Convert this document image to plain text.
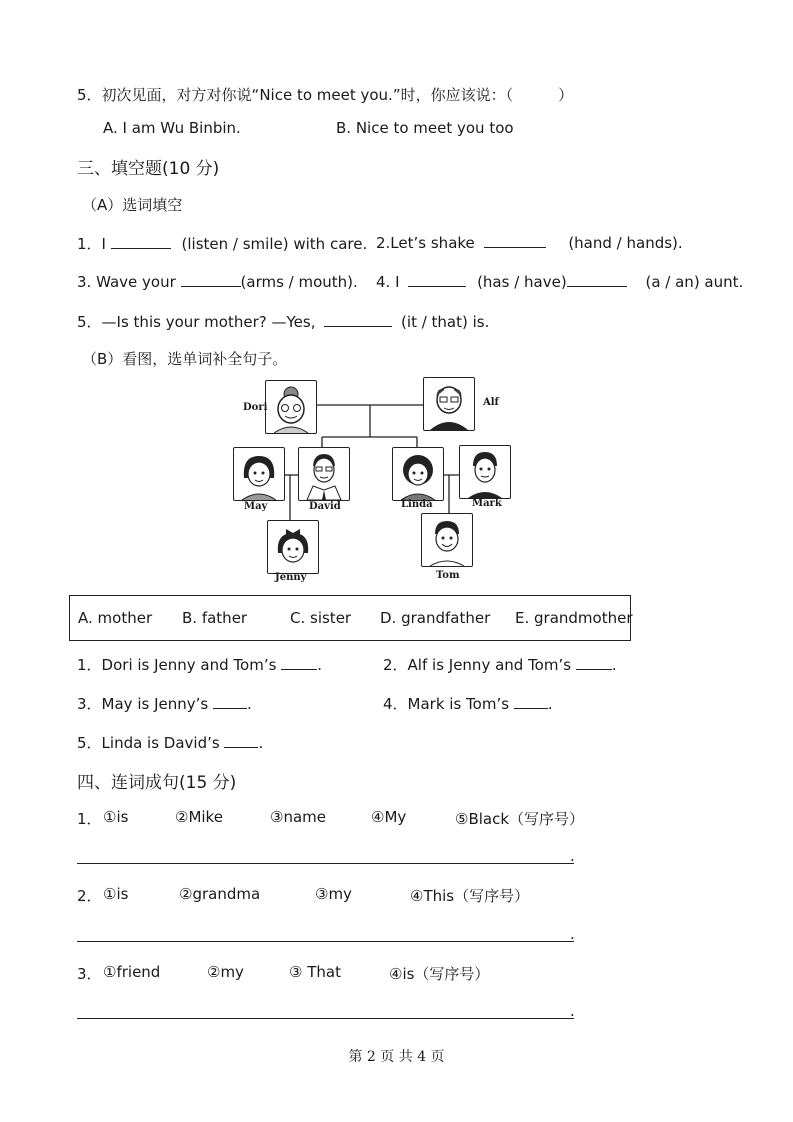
5．初次见面，对方对你说“Nice to meet you.”时，你应该说：（　　　）
A. I am Wu Binbin.	B. Nice to meet you too
三、填空题(10 分)
（A）选词填空
1．I	(listen / smile) with care. 2.Let’s shake	(hand / hands).
3. Wave your	(arms / mouth). 4. I	(has / have)	(a / an) aunt.
5．—Is this your mother? —Yes,	(it / that) is.
（B）看图，选单词补全句子。
Dori	Alf
May	David	Linda	Mark
Jenny	Tom
A. mother B. father	C. sister D. grandfather E. grandmother
1．Dori is Jenny and Tom’s	.	2．Alf is Jenny and Tom’s	.
3．May is Jenny’s	.	4．Mark is Tom’s	.
5．Linda is David’s	.
四、连词成句(15 分)
1． ①is	②Mike	③name	④My	⑤Black（写序号）
.
2． ①is	②grandma	③my	④This（写序号）
.
3． ①friend	②my	③ That	④is（写序号）
.
第 2 页 共 4 页
